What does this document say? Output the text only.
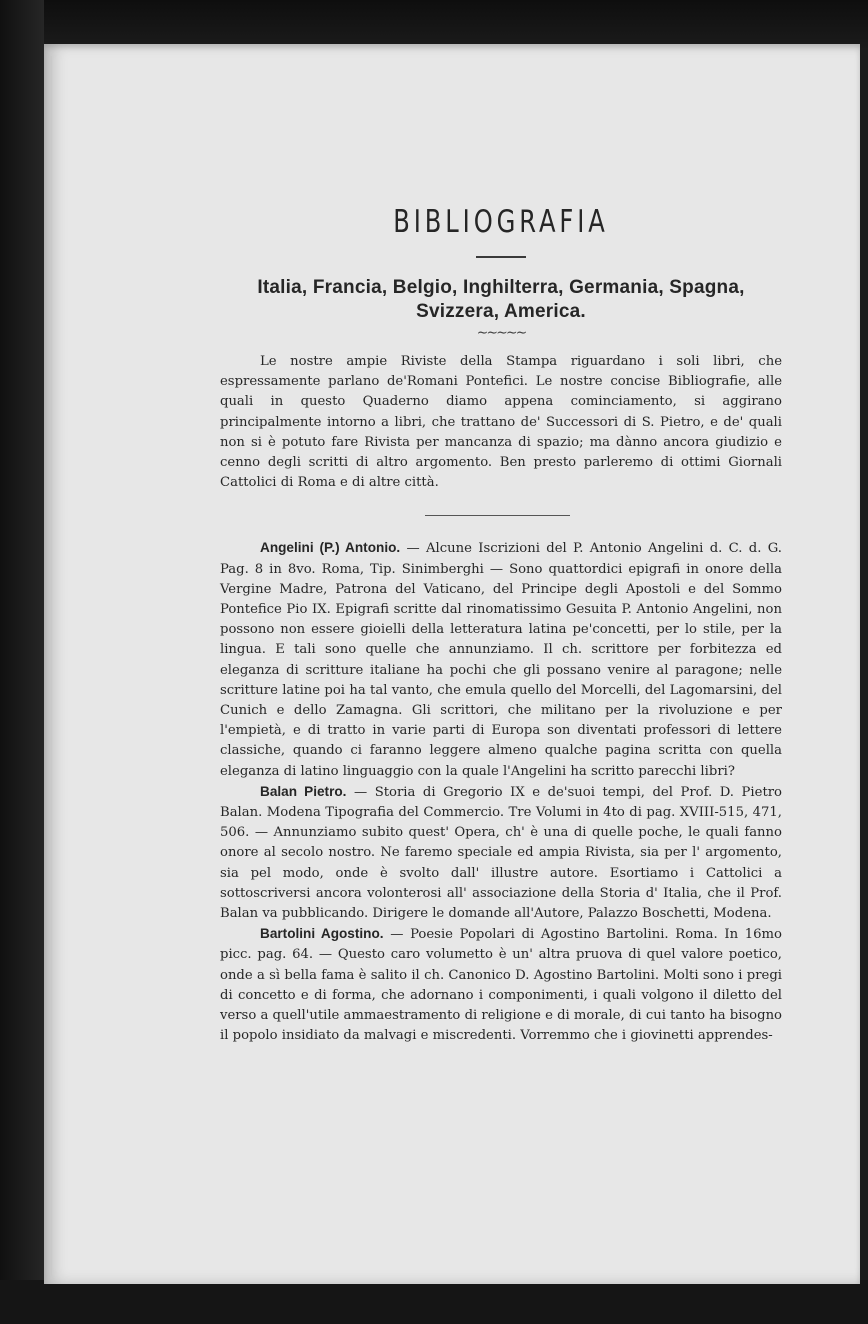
BIBLIOGRAFIA

Italia, Francia, Belgio, Inghilterra, Germania, Spagna, Svizzera, America.

∼∼∼∼∼

Le nostre ampie Riviste della Stampa riguardano i soli libri, che espressamente parlano de'Romani Pontefici. Le nostre concise Bibliografie, alle quali in questo Quaderno diamo appena cominciamento, si aggirano principalmente intorno a libri, che trattano de' Successori di S. Pietro, e de' quali non si è potuto fare Rivista per mancanza di spazio; ma dànno ancora giudizio e cenno degli scritti di altro argomento. Ben presto parleremo di ottimi Giornali Cattolici di Roma e di altre città.

Angelini (P.) Antonio. — Alcune Iscrizioni del P. Antonio Angelini d. C. d. G. Pag. 8 in 8vo. Roma, Tip. Sinimberghi — Sono quattordici epigrafi in onore della Vergine Madre, Patrona del Vaticano, del Principe degli Apostoli e del Sommo Pontefice Pio IX. Epigrafi scritte dal rinomatissimo Gesuita P. Antonio Angelini, non possono non essere gioielli della letteratura latina pe'concetti, per lo stile, per la lingua. E tali sono quelle che annunziamo. Il ch. scrittore per forbitezza ed eleganza di scritture italiane ha pochi che gli possano venire al paragone; nelle scritture latine poi ha tal vanto, che emula quello del Morcelli, del Lagomarsini, del Cunich e dello Zamagna. Gli scrittori, che militano per la rivoluzione e per l'empietà, e di tratto in varie parti di Europa son diventati professori di lettere classiche, quando ci faranno leggere almeno qualche pagina scritta con quella eleganza di latino linguaggio con la quale l'Angelini ha scritto parecchi libri?

Balan Pietro. — Storia di Gregorio IX e de'suoi tempi, del Prof. D. Pietro Balan. Modena Tipografia del Commercio. Tre Volumi in 4to di pag. XVIII-515, 471, 506. — Annunziamo subito quest' Opera, ch' è una di quelle poche, le quali fanno onore al secolo nostro. Ne faremo speciale ed ampia Rivista, sia per l' argomento, sia pel modo, onde è svolto dall' illustre autore. Esortiamo i Cattolici a sottoscriversi ancora volonterosi all' associazione della Storia d' Italia, che il Prof. Balan va pubblicando. Dirigere le domande all'Autore, Palazzo Boschetti, Modena.

Bartolini Agostino. — Poesie Popolari di Agostino Bartolini. Roma. In 16mo picc. pag. 64. — Questo caro volumetto è un' altra pruova di quel valore poetico, onde a sì bella fama è salito il ch. Canonico D. Agostino Bartolini. Molti sono i pregi di concetto e di forma, che adornano i componimenti, i quali volgono il diletto del verso a quell'utile ammaestramento di religione e di morale, di cui tanto ha bisogno il popolo insidiato da malvagi e miscredenti. Vorremmo che i giovinetti apprendes-
